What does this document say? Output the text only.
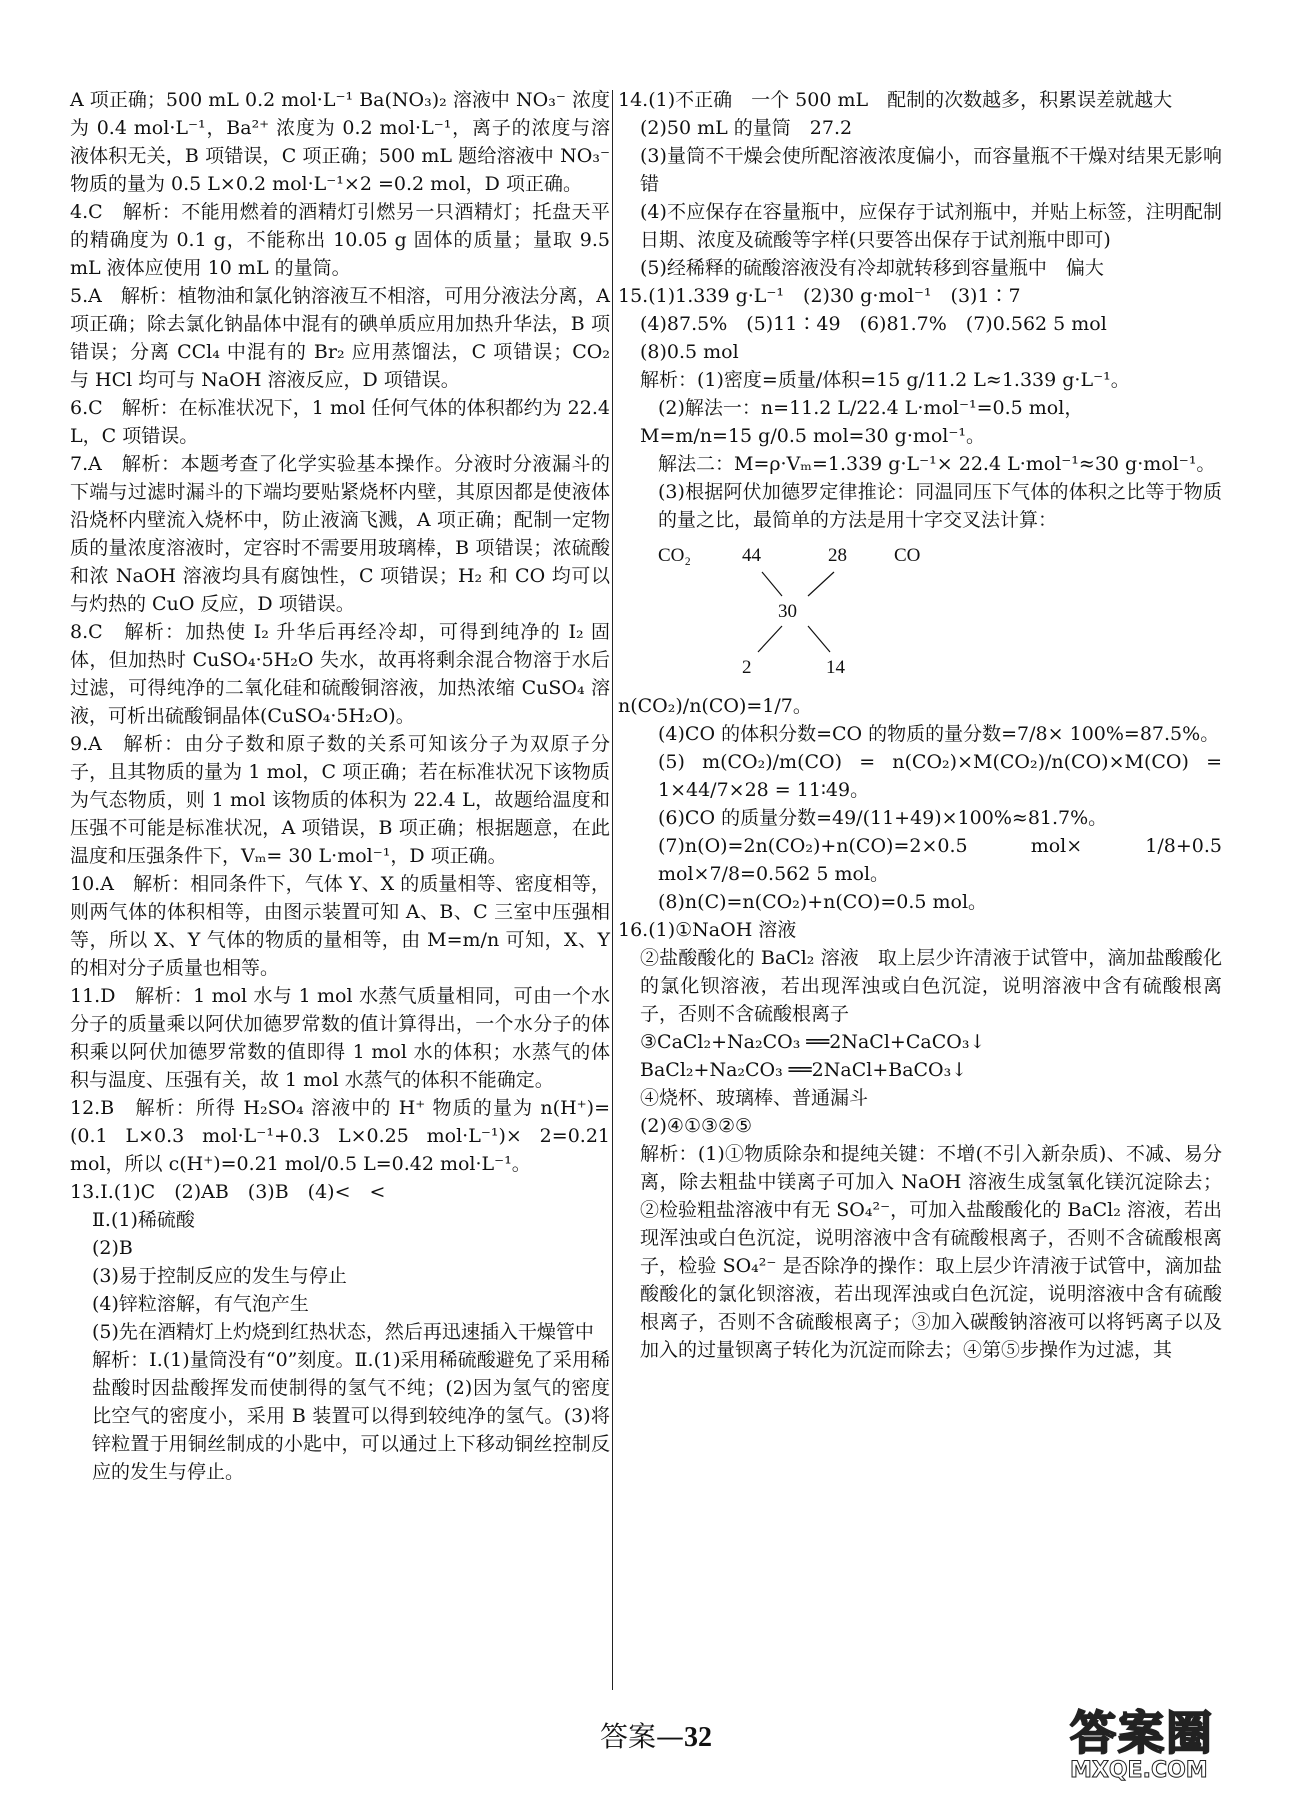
A 项正确；500 mL 0.2 mol·L⁻¹ Ba(NO₃)₂ 溶液中 NO₃⁻ 浓度为 0.4 mol·L⁻¹，Ba²⁺ 浓度为 0.2 mol·L⁻¹，离子的浓度与溶液体积无关，B 项错误，C 项正确；500 mL 题给溶液中 NO₃⁻ 物质的量为 0.5 L×0.2 mol·L⁻¹×2 =0.2 mol，D 项正确。

4.C　解析：不能用燃着的酒精灯引燃另一只酒精灯；托盘天平的精确度为 0.1 g，不能称出 10.05 g 固体的质量；量取 9.5 mL 液体应使用 10 mL 的量筒。

5.A　解析：植物油和氯化钠溶液互不相溶，可用分液法分离，A 项正确；除去氯化钠晶体中混有的碘单质应用加热升华法，B 项错误；分离 CCl₄ 中混有的 Br₂ 应用蒸馏法，C 项错误；CO₂ 与 HCl 均可与 NaOH 溶液反应，D 项错误。

6.C　解析：在标准状况下，1 mol 任何气体的体积都约为 22.4 L，C 项错误。

7.A　解析：本题考查了化学实验基本操作。分液时分液漏斗的下端与过滤时漏斗的下端均要贴紧烧杯内壁，其原因都是使液体沿烧杯内壁流入烧杯中，防止液滴飞溅，A 项正确；配制一定物质的量浓度溶液时，定容时不需要用玻璃棒，B 项错误；浓硫酸和浓 NaOH 溶液均具有腐蚀性，C 项错误；H₂ 和 CO 均可以与灼热的 CuO 反应，D 项错误。

8.C　解析：加热使 I₂ 升华后再经冷却，可得到纯净的 I₂ 固体，但加热时 CuSO₄·5H₂O 失水，故再将剩余混合物溶于水后过滤，可得纯净的二氧化硅和硫酸铜溶液，加热浓缩 CuSO₄ 溶液，可析出硫酸铜晶体(CuSO₄·5H₂O)。

9.A　解析：由分子数和原子数的关系可知该分子为双原子分子，且其物质的量为 1 mol，C 项正确；若在标准状况下该物质为气态物质，则 1 mol 该物质的体积为 22.4 L，故题给温度和压强不可能是标准状况，A 项错误，B 项正确；根据题意，在此温度和压强条件下，Vₘ= 30 L·mol⁻¹，D 项正确。

10.A　解析：相同条件下，气体 Y、X 的质量相等、密度相等，则两气体的体积相等，由图示装置可知 A、B、C 三室中压强相等，所以 X、Y 气体的物质的量相等，由 M=m/n 可知，X、Y 的相对分子质量也相等。

11.D　解析：1 mol 水与 1 mol 水蒸气质量相同，可由一个水分子的质量乘以阿伏加德罗常数的值计算得出，一个水分子的体积乘以阿伏加德罗常数的值即得 1 mol 水的体积；水蒸气的体积与温度、压强有关，故 1 mol 水蒸气的体积不能确定。

12.B　解析：所得 H₂SO₄ 溶液中的 H⁺ 物质的量为 n(H⁺)=(0.1 L×0.3 mol·L⁻¹+0.3 L×0.25 mol·L⁻¹)× 2=0.21 mol，所以 c(H⁺)=0.21 mol/0.5 L=0.42 mol·L⁻¹。

13.Ⅰ.(1)C　(2)AB　(3)B　(4)<　<

Ⅱ.(1)稀硫酸

(2)B

(3)易于控制反应的发生与停止

(4)锌粒溶解，有气泡产生

(5)先在酒精灯上灼烧到红热状态，然后再迅速插入干燥管中

解析：Ⅰ.(1)量筒没有“0”刻度。Ⅱ.(1)采用稀硫酸避免了采用稀盐酸时因盐酸挥发而使制得的氢气不纯；(2)因为氢气的密度比空气的密度小，采用 B 装置可以得到较纯净的氢气。(3)将锌粒置于用铜丝制成的小匙中，可以通过上下移动铜丝控制反应的发生与停止。

14.(1)不正确　一个 500 mL　配制的次数越多，积累误差就越大

(2)50 mL 的量筒　27.2

(3)量筒不干燥会使所配溶液浓度偏小，而容量瓶不干燥对结果无影响　错

(4)不应保存在容量瓶中，应保存于试剂瓶中，并贴上标签，注明配制日期、浓度及硫酸等字样(只要答出保存于试剂瓶中即可)

(5)经稀释的硫酸溶液没有冷却就转移到容量瓶中　偏大

15.(1)1.339 g·L⁻¹　(2)30 g·mol⁻¹　(3)1∶7

(4)87.5%　(5)11∶49　(6)81.7%　(7)0.562 5 mol

(8)0.5 mol

解析：(1)密度=质量/体积=15 g/11.2 L≈1.339 g·L⁻¹。

(2)解法一：n=11.2 L/22.4 L·mol⁻¹=0.5 mol，

M=m/n=15 g/0.5 mol=30 g·mol⁻¹。

解法二：M=ρ·Vₘ=1.339 g·L⁻¹× 22.4 L·mol⁻¹≈30 g·mol⁻¹。

(3)根据阿伏加德罗定律推论：同温同压下气体的体积之比等于物质的量之比，最简单的方法是用十字交叉法计算：

CO₂	44	28 CO
30
2	14

n(CO₂)/n(CO)=1/7。

(4)CO 的体积分数=CO 的物质的量分数=7/8× 100%=87.5%。

(5) m(CO₂)/m(CO) = n(CO₂)×M(CO₂)/n(CO)×M(CO) = 1×44/7×28 = 11∶49。

(6)CO 的质量分数=49/(11+49)×100%≈81.7%。

(7)n(O)=2n(CO₂)+n(CO)=2×0.5 mol× 1/8+0.5 mol×7/8=0.562 5 mol。

(8)n(C)=n(CO₂)+n(CO)=0.5 mol。

16.(1)①NaOH 溶液

②盐酸酸化的 BaCl₂ 溶液　取上层少许清液于试管中，滴加盐酸酸化的氯化钡溶液，若出现浑浊或白色沉淀，说明溶液中含有硫酸根离子，否则不含硫酸根离子

③CaCl₂+Na₂CO₃ ══2NaCl+CaCO₃↓

BaCl₂+Na₂CO₃ ══2NaCl+BaCO₃↓

④烧杯、玻璃棒、普通漏斗

(2)④①③②⑤

解析：(1)①物质除杂和提纯关键：不增(不引入新杂质)、不减、易分离，除去粗盐中镁离子可加入 NaOH 溶液生成氢氧化镁沉淀除去；②检验粗盐溶液中有无 SO₄²⁻，可加入盐酸酸化的 BaCl₂ 溶液，若出现浑浊或白色沉淀，说明溶液中含有硫酸根离子，否则不含硫酸根离子，检验 SO₄²⁻ 是否除净的操作：取上层少许清液于试管中，滴加盐酸酸化的氯化钡溶液，若出现浑浊或白色沉淀，说明溶液中含有硫酸根离子，否则不含硫酸根离子；③加入碳酸钠溶液可以将钙离子以及加入的过量钡离子转化为沉淀而除去；④第⑤步操作为过滤，其

答案—32	答案圈
MXQE.COM
